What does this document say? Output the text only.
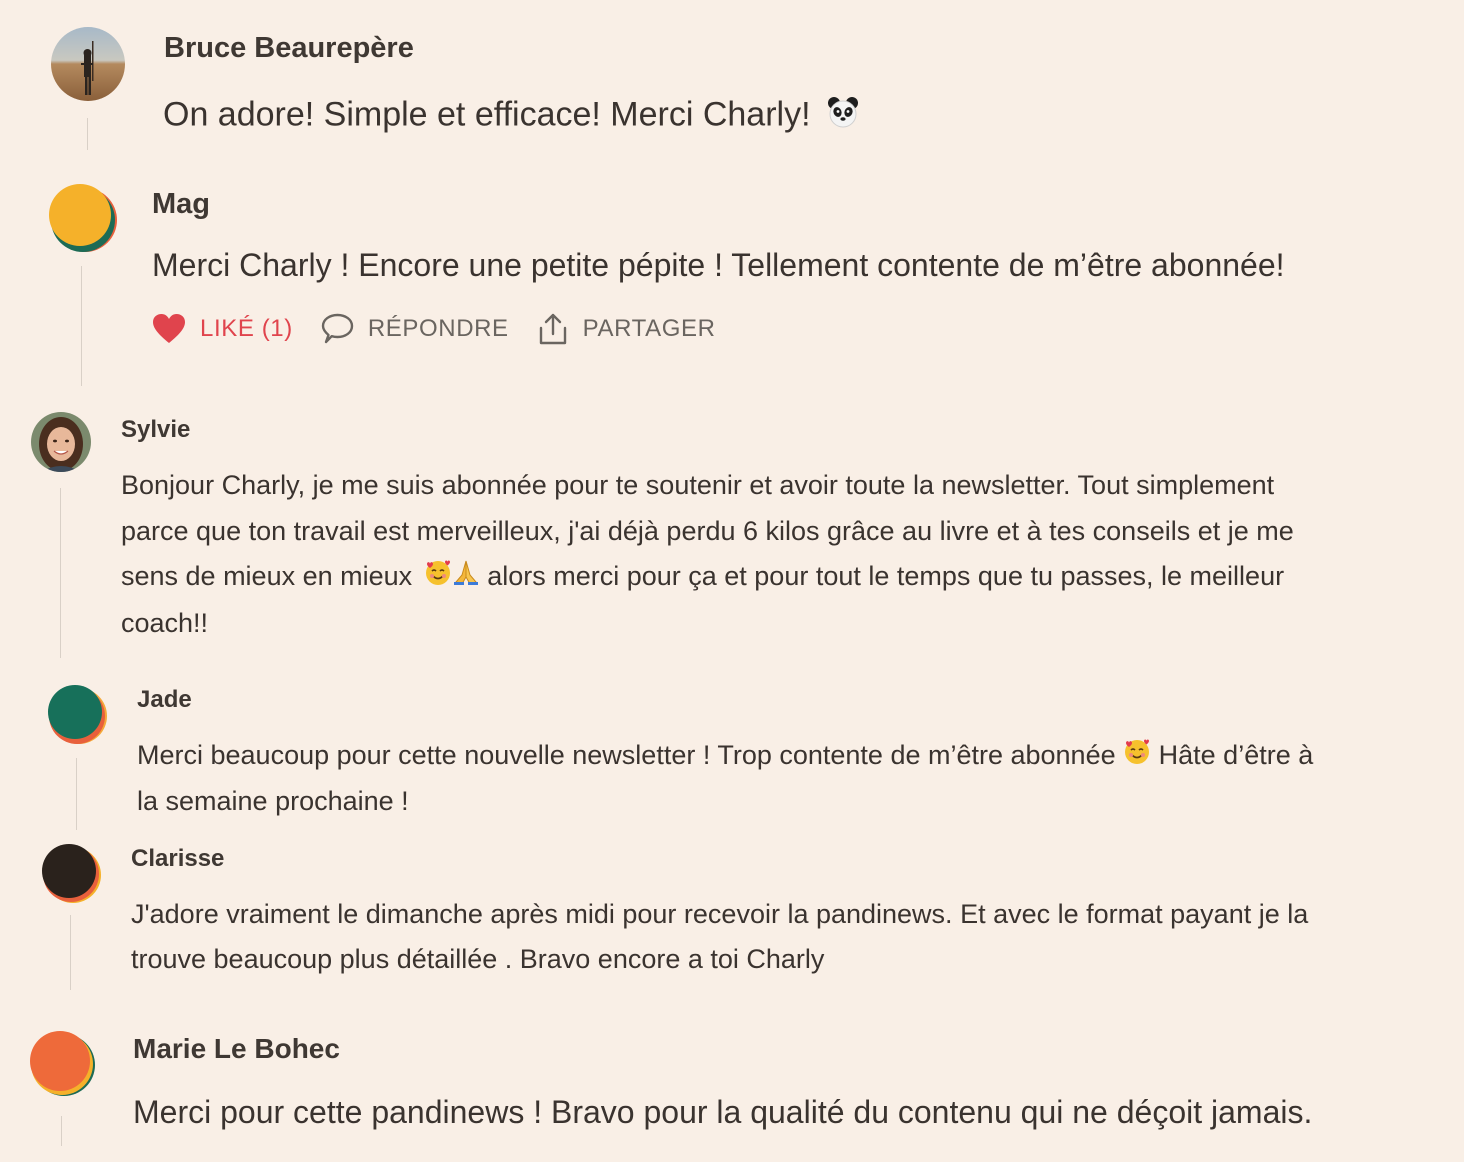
Bruce Beaurepère
On adore! Simple et efficace! Merci Charly!
Mag
Merci Charly ! Encore une petite pépite ! Tellement contente de m’être abonnée!
LIKÉ (1)	RÉPONDRE	PARTAGER
Sylvie
Bonjour Charly, je me suis abonnée pour te soutenir et avoir toute la newsletter. Tout simplement
parce que ton travail est merveilleux, j'ai déjà perdu 6 kilos grâce au livre et à tes conseils et je me
sens de mieux en mieux	alors merci pour ça et pour tout le temps que tu passes, le meilleur
coach!!
Jade
Merci beaucoup pour cette nouvelle newsletter ! Trop contente de m’être abonnée Hâte d’être à
la semaine prochaine !
Clarisse
J'adore vraiment le dimanche après midi pour recevoir la pandinews. Et avec le format payant je la
trouve beaucoup plus détaillée . Bravo encore a toi Charly
Marie Le Bohec
Merci pour cette pandinews ! Bravo pour la qualité du contenu qui ne déçoit jamais.
